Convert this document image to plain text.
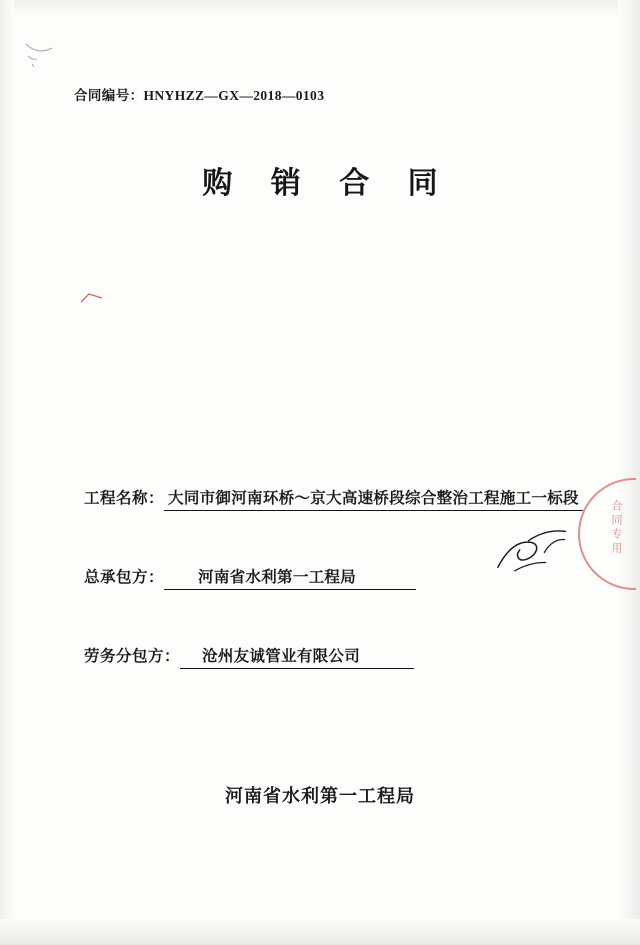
合同编号：HNYHZZ—GX—2018—0103
购 销 合 同
工程名称： 大同市御河南环桥～京大高速桥段综合整治工程施工一标段
总承包方： 河南省水利第一工程局
劳务分包方： 沧州友诚管业有限公司
合同专用
河南省水利第一工程局
